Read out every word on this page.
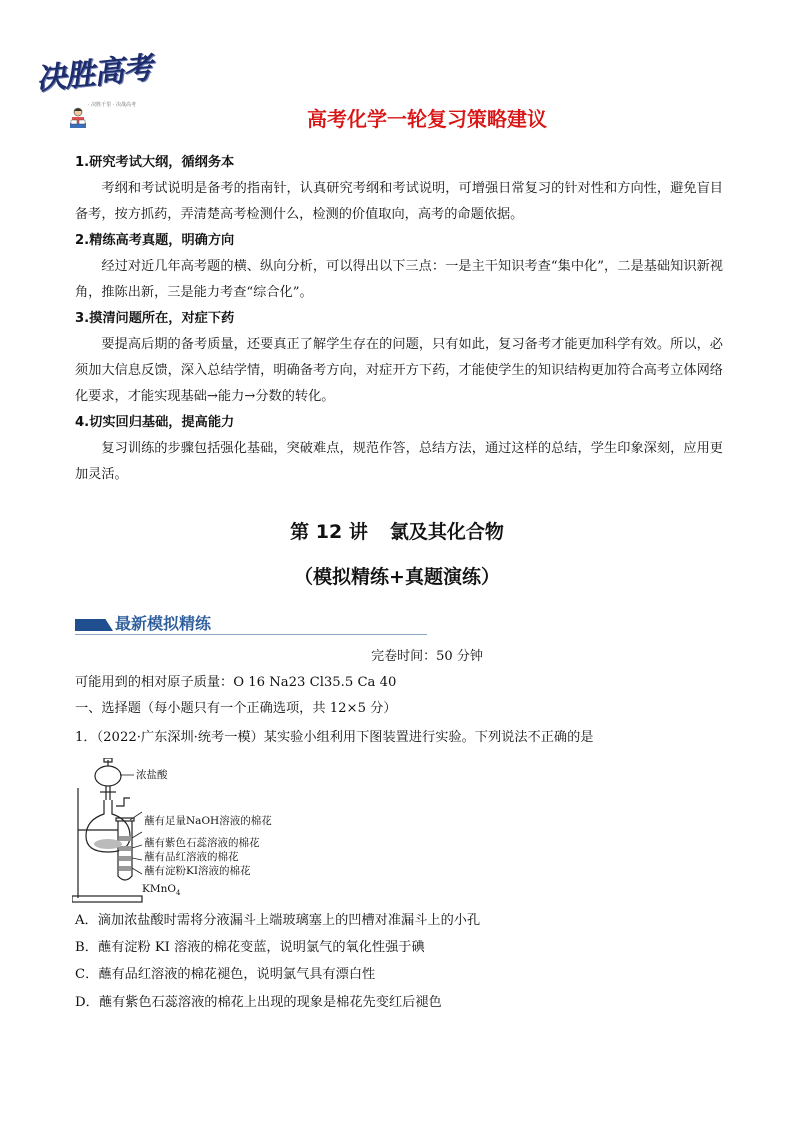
决胜高考
· 决胜千里 · 决战高考
高考化学一轮复习策略建议

1.研究考试大纲，循纲务本

考纲和考试说明是备考的指南针，认真研究考纲和考试说明，可增强日常复习的针对性和方向性，避免盲目备考，按方抓药，弄清楚高考检测什么，检测的价值取向，高考的命题依据。

2.精练高考真题，明确方向

经过对近几年高考题的横、纵向分析，可以得出以下三点：一是主干知识考查“集中化”，二是基础知识新视角，推陈出新，三是能力考查“综合化”。

3.摸清问题所在，对症下药

要提高后期的备考质量，还要真正了解学生存在的问题，只有如此，复习备考才能更加科学有效。所以，必须加大信息反馈，深入总结学情，明确备考方向，对症开方下药，才能使学生的知识结构更加符合高考立体网络化要求，才能实现基础→能力→分数的转化。

4.切实回归基础，提高能力

复习训练的步骤包括强化基础，突破难点，规范作答，总结方法，通过这样的总结，学生印象深刻，应用更加灵活。

第 12 讲 氯及其化合物
（模拟精练+真题演练）
最新模拟精练

完卷时间：50 分钟

可能用到的相对原子质量：O 16 Na23 Cl35.5 Ca 40

一、选择题（每小题只有一个正确选项，共 12×5 分）

1．（2022·广东深圳·统考一模）某实验小组利用下图装置进行实验。下列说法不正确的是

浓盐酸
蘸有足量NaOH溶液的棉花
蘸有紫色石蕊溶液的棉花
蘸有品红溶液的棉花
蘸有淀粉KI溶液的棉花
KMnO$_4$

A．滴加浓盐酸时需将分液漏斗上端玻璃塞上的凹槽对准漏斗上的小孔

B．蘸有淀粉 KI 溶液的棉花变蓝，说明氯气的氧化性强于碘

C．蘸有品红溶液的棉花褪色，说明氯气具有漂白性

D．蘸有紫色石蕊溶液的棉花上出现的现象是棉花先变红后褪色
